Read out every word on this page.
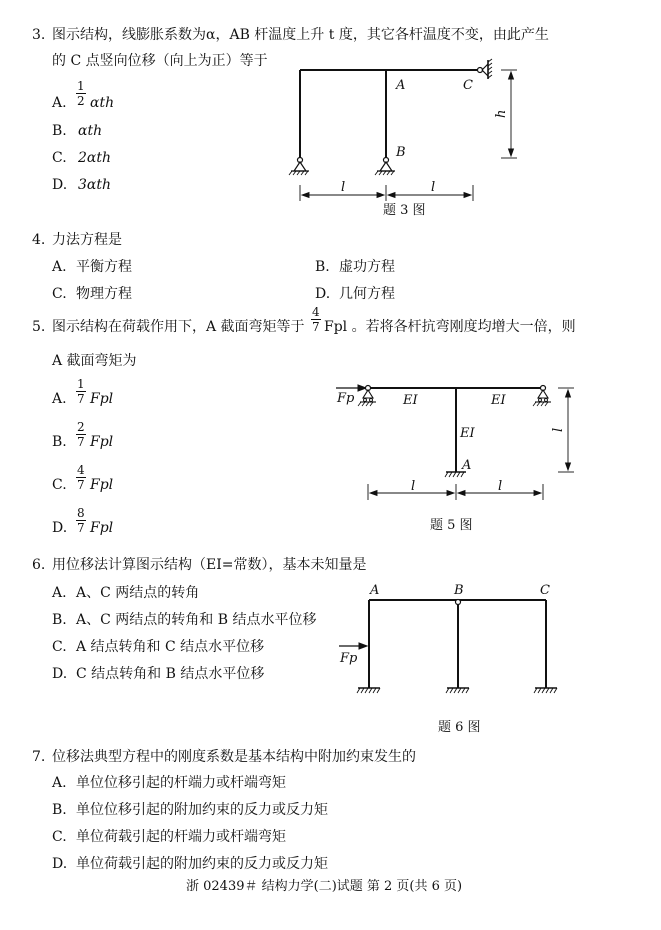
3. 图示结构，线膨胀系数为α，AB 杆温度上升 t 度，其它各杆温度不变，由此产生
的 C 点竖向位移（向上为正）等于
A. $\frac{1}{2}$ αth
B. αth
C. 2αth
D. 3αth
题 3 图
4. 力法方程是
A. 平衡方程	B. 虚功方程
C. 物理方程	D. 几何方程
5. 图示结构在荷载作用下，A 截面弯矩等于 $\frac{4}{7}$ Fpl 。若将各杆抗弯刚度均增大一倍，则
A 截面弯矩为
A. $\frac{1}{7}$ Fpl
B. $\frac{2}{7}$ Fpl
C. $\frac{4}{7}$ Fpl
D. $\frac{8}{7}$ Fpl	题 5 图
6. 用位移法计算图示结构（EI=常数），基本未知量是
A. A、C 两结点的转角
B. A、C 两结点的转角和 B 结点水平位移
C. A 结点转角和 C 结点水平位移
D. C 结点转角和 B 结点水平位移
题 6 图
7. 位移法典型方程中的刚度系数是基本结构中附加约束发生的
A. 单位位移引起的杆端力或杆端弯矩
B. 单位位移引起的附加约束的反力或反力矩
C. 单位荷载引起的杆端力或杆端弯矩
D. 单位荷载引起的附加约束的反力或反力矩
浙 02439＃ 结构力学(二)试题 第 2 页(共 6 页)
A
B
C
h
l	l
Fp	EI	EI
EI
A
l
l	l
A	B	C
Fp
